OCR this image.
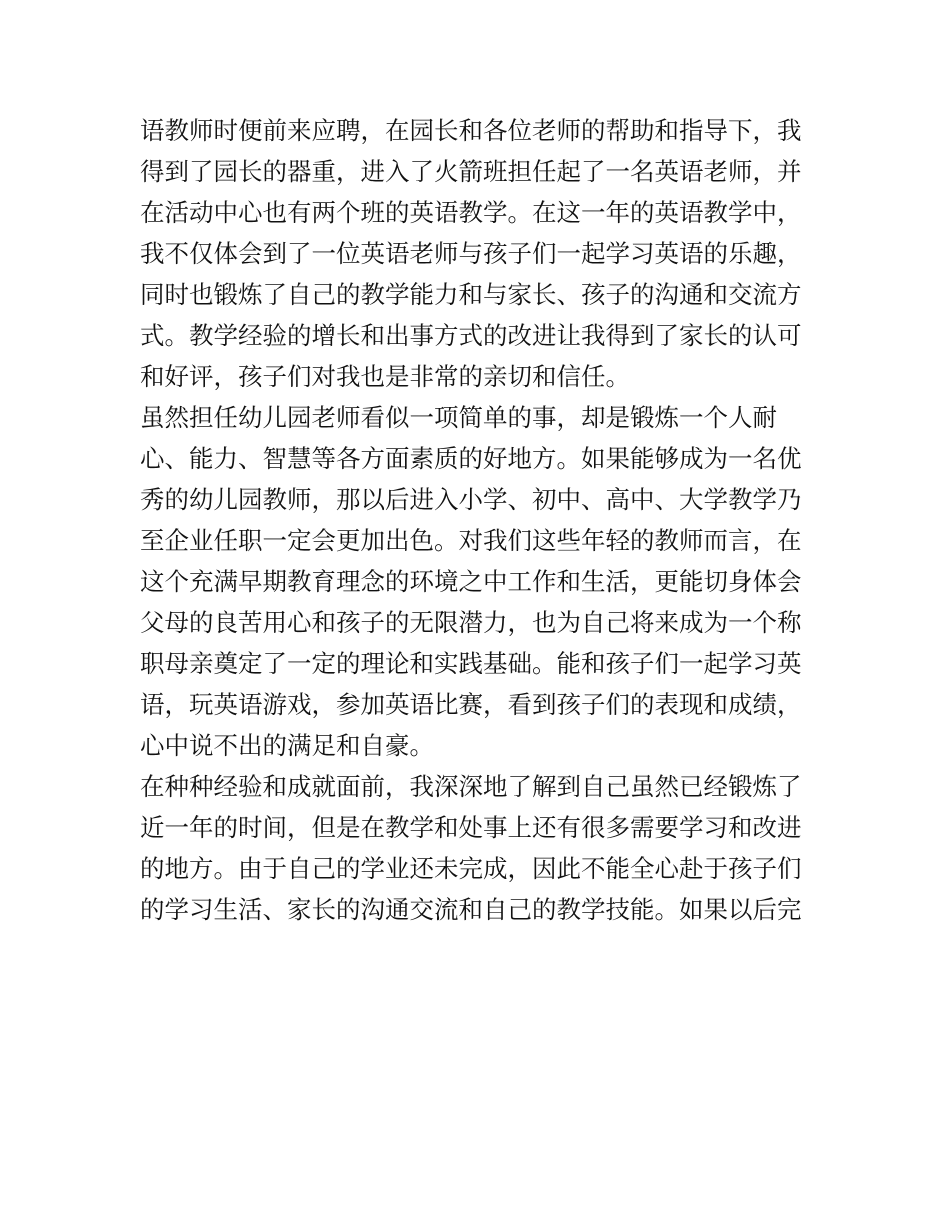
语教师时便前来应聘，在园长和各位老师的帮助和指导下，我
得到了园长的器重，进入了火箭班担任起了一名英语老师，并
在活动中心也有两个班的英语教学。在这一年的英语教学中，
我不仅体会到了一位英语老师与孩子们一起学习英语的乐趣，
同时也锻炼了自己的教学能力和与家长、孩子的沟通和交流方
式。教学经验的增长和出事方式的改进让我得到了家长的认可
和好评，孩子们对我也是非常的亲切和信任。
虽然担任幼儿园老师看似一项简单的事，却是锻炼一个人耐
心、能力、智慧等各方面素质的好地方。如果能够成为一名优
秀的幼儿园教师，那以后进入小学、初中、高中、大学教学乃
至企业任职一定会更加出色。对我们这些年轻的教师而言，在
这个充满早期教育理念的环境之中工作和生活，更能切身体会
父母的良苦用心和孩子的无限潜力，也为自己将来成为一个称
职母亲奠定了一定的理论和实践基础。能和孩子们一起学习英
语，玩英语游戏，参加英语比赛，看到孩子们的表现和成绩，
心中说不出的满足和自豪。
在种种经验和成就面前，我深深地了解到自己虽然已经锻炼了
近一年的时间，但是在教学和处事上还有很多需要学习和改进
的地方。由于自己的学业还未完成，因此不能全心赴于孩子们
的学习生活、家长的沟通交流和自己的教学技能。如果以后完
